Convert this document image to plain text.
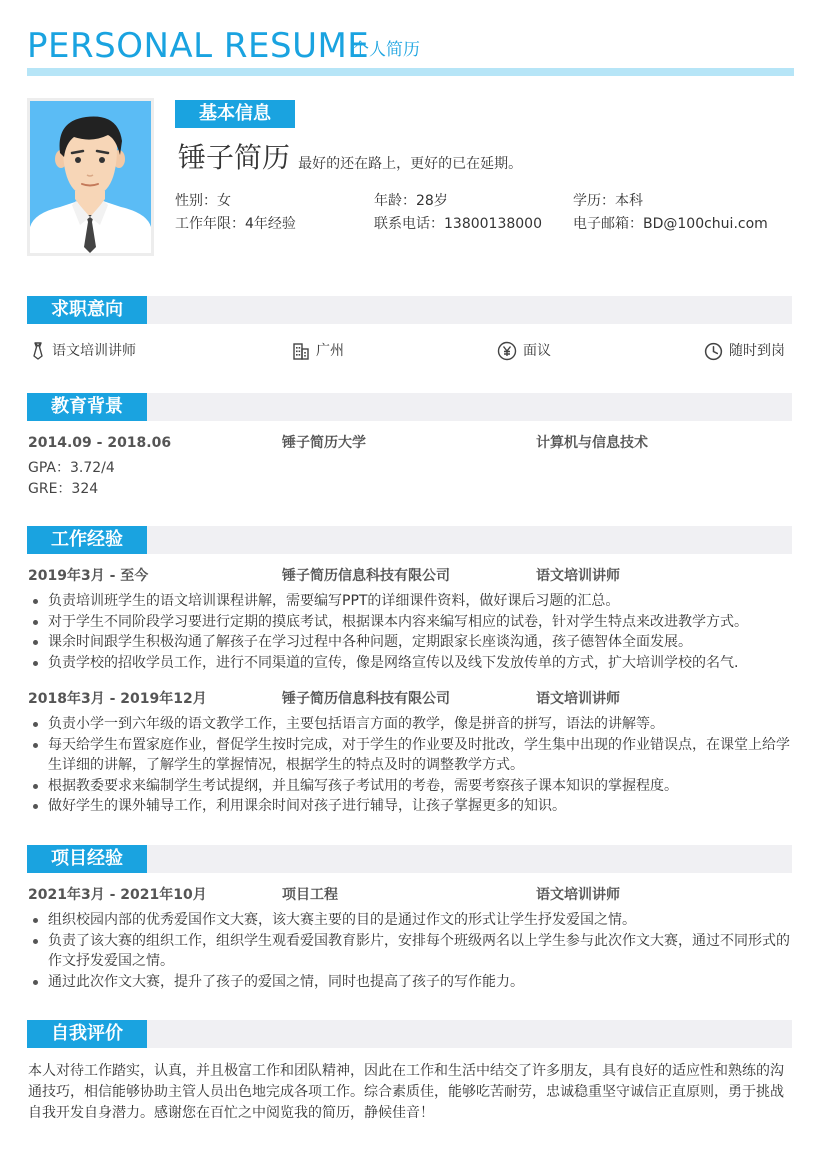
PERSONAL RESUME
个人简历
基本信息
锤子简历 最好的还在路上，更好的已在延期。
性别：女	年龄：28岁	学历：本科
工作年限：4年经验	联系电话：13800138000 电子邮箱：BD@100chui.com
求职意向
语文培训讲师	广州	面议	随时到岗
教育背景
2014.09 - 2018.06	锤子简历大学	计算机与信息技术
GPA：3.72/4
GRE：324
工作经验
2019年3月 - 至今	锤子简历信息科技有限公司	语文培训讲师
负责培训班学生的语文培训课程讲解，需要编写PPT的详细课件资料，做好课后习题的汇总。
对于学生不同阶段学习要进行定期的摸底考试，根据课本内容来编写相应的试卷，针对学生特点来改进教学方式。
课余时间跟学生积极沟通了解孩子在学习过程中各种问题，定期跟家长座谈沟通，孩子德智体全面发展。
负责学校的招收学员工作，进行不同渠道的宣传，像是网络宣传以及线下发放传单的方式，扩大培训学校的名气.
2018年3月 - 2019年12月	锤子简历信息科技有限公司	语文培训讲师
负责小学一到六年级的语文教学工作，主要包括语言方面的教学，像是拼音的拼写，语法的讲解等。
每天给学生布置家庭作业，督促学生按时完成，对于学生的作业要及时批改，学生集中出现的作业错误点，在课堂上给学生详细的讲解，了解学生的掌握情况，根据学生的特点及时的调整教学方式。
根据教委要求来编制学生考试提纲，并且编写孩子考试用的考卷，需要考察孩子课本知识的掌握程度。
做好学生的课外辅导工作，利用课余时间对孩子进行辅导，让孩子掌握更多的知识。
项目经验
2021年3月 - 2021年10月	项目工程	语文培训讲师
组织校园内部的优秀爱国作文大赛，该大赛主要的目的是通过作文的形式让学生抒发爱国之情。
负责了该大赛的组织工作，组织学生观看爱国教育影片，安排每个班级两名以上学生参与此次作文大赛，通过不同形式的作文抒发爱国之情。
通过此次作文大赛，提升了孩子的爱国之情，同时也提高了孩子的写作能力。
自我评价
本人对待工作踏实，认真，并且极富工作和团队精神，因此在工作和生活中结交了许多朋友，具有良好的适应性和熟练的沟通技巧，相信能够协助主管人员出色地完成各项工作。综合素质佳，能够吃苦耐劳，忠诚稳重坚守诚信正直原则，勇于挑战自我开发自身潜力。感谢您在百忙之中阅览我的简历，静候佳音！
